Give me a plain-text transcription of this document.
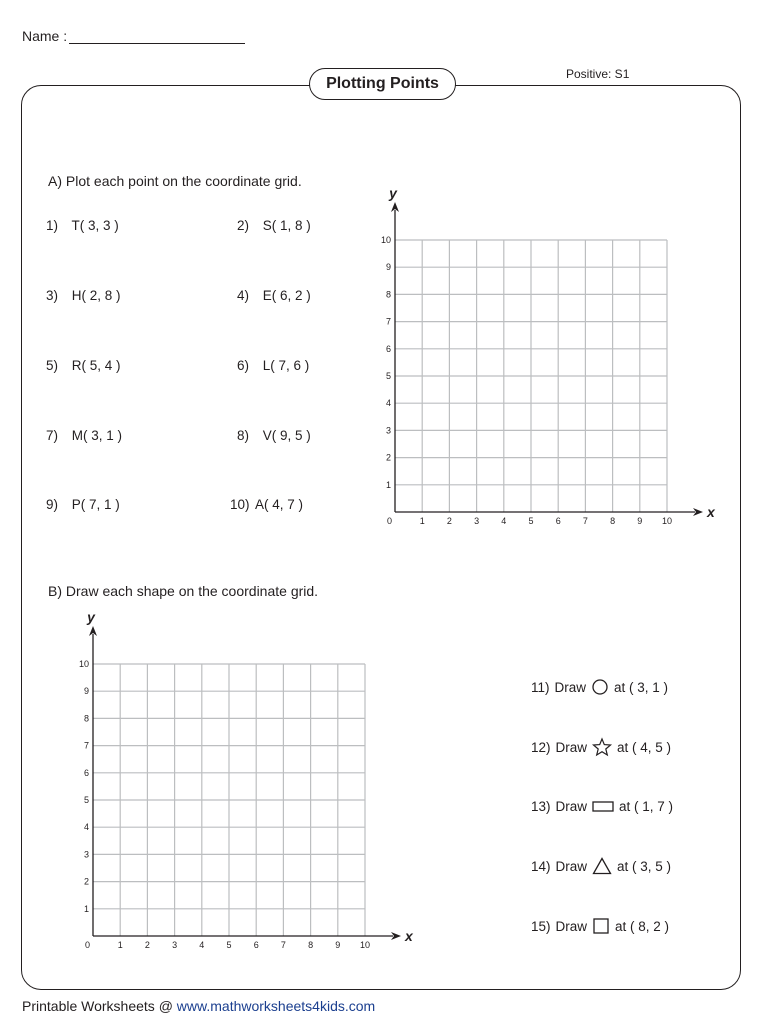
Name :
Positive: S1
Plotting Points
A) Plot each point on the coordinate grid.
1) T( 3, 3 )	2) S( 1, 8 )
3) H( 2, 8 )	4) E( 6, 2 )
5) R( 5, 4 )	6) L( 7, 6 )
7) M( 3, 1 )	8) V( 9, 5 )
9) P( 7, 1 )	10) A( 4, 7 )
0	1 2 3 4 5 6 7 8 9 10
1
2
3
4
5
6
7
8
9
10
x
y
B) Draw each shape on the coordinate grid.
0	1 2 3 4 5 6 7 8 9 10
1
2
3
4
5
6
7
8
9
10
x
y
11) Draw at ( 3, 1 )
12) Draw at ( 4, 5 )
13) Draw at ( 1, 7 )
14) Draw at ( 3, 5 )
15) Draw at ( 8, 2 )
Printable Worksheets @ www.mathworksheets4kids.com
